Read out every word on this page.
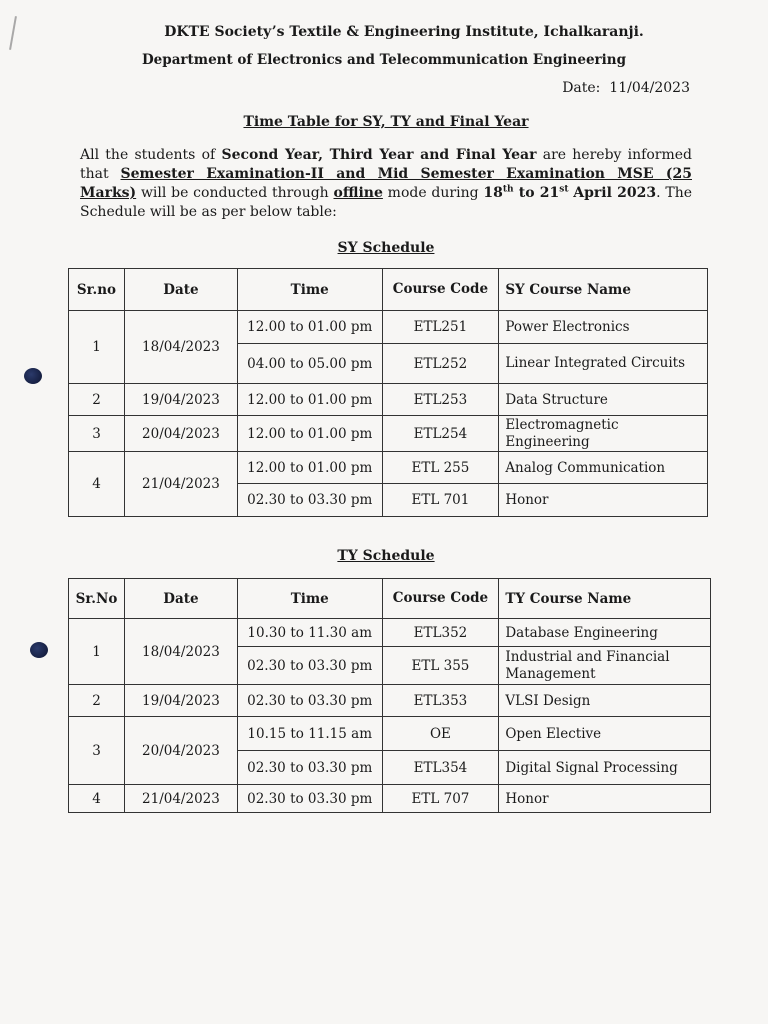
DKTE Society’s Textile & Engineering Institute, Ichalkaranji.
Department of Electronics and Telecommunication Engineering
Date: 11/04/2023
Time Table for SY, TY and Final Year
All the students of Second Year, Third Year and Final Year are hereby informed that Semester Examination-II and Mid Semester Examination MSE (25 Marks) will be conducted through offline mode during 18th to 21st April 2023. The Schedule will be as per below table:
SY Schedule
Sr.no	Date	Time	Course Code	SY Course Name
1	18/04/2023	12.00 to 01.00 pm	ETL251	Power Electronics
		04.00 to 05.00 pm	ETL252	Linear Integrated Circuits
2	19/04/2023	12.00 to 01.00 pm	ETL253	Data Structure
3	20/04/2023	12.00 to 01.00 pm	ETL254	Electromagnetic Engineering
4	21/04/2023	12.00 to 01.00 pm	ETL 255	Analog Communication
		02.30 to 03.30 pm	ETL 701	Honor
TY Schedule
Sr.No	Date	Time	Course Code	TY Course Name
1	18/04/2023	10.30 to 11.30 am	ETL352	Database Engineering
		02.30 to 03.30 pm	ETL 355	Industrial and Financial Management
2	19/04/2023	02.30 to 03.30 pm	ETL353	VLSI Design
3	20/04/2023	10.15 to 11.15 am	OE	Open Elective
		02.30 to 03.30 pm	ETL354	Digital Signal Processing
4	21/04/2023	02.30 to 03.30 pm	ETL 707	Honor
